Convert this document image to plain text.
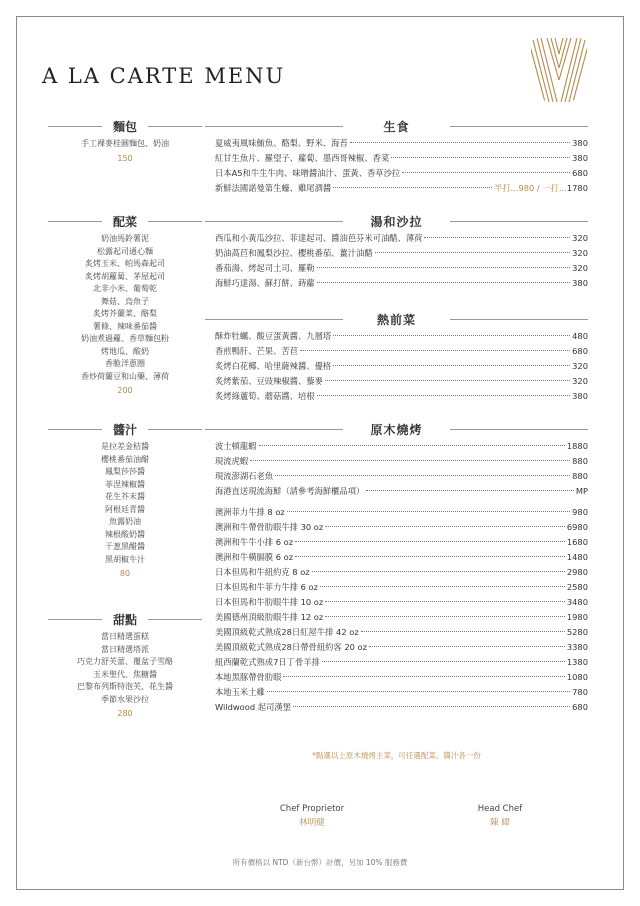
A LA CARTE MENU
麵包
手工裸麥桂圓麵包、奶油
150
配菜
奶油馬鈴薯泥
松露起司通心麵
炙烤玉米、帕馬森起司
炙烤胡蘿蔔、茅屋起司
北非小米、葡萄乾
舞菇、烏魚子
炙烤芥蘭菜、酪梨
薯條、辣味番茄醬
奶油煮過蘿、香草麵包粉
烤地瓜、酸奶
香脆洋蔥圈
香炒荷蘭豆和山藥、薄荷
200
醬汁
是拉差金桔醬
櫻桃番茄油醋
鳳梨莎莎醬
菲涅辣椒醬
花生芥末醬
阿根廷青醬
魚露奶油
辣根酸奶醬
干葱黑醋醬
黑胡椒牛汁
80
甜點
當日精選蛋糕
當日精選塔派
巧克力舒芙蕾、覆盆子雪酪
玉米聖代、焦糖醬
巴黎布列斯特泡芙、花生醬
季節水果沙拉
280
生食
夏威夷風味鮪魚、酪梨、野米、海苔	380
紅甘生魚片、羅望子、蘿蔔、墨西哥辣椒、香菜	380
日本A5和牛生牛肉、味噌醬油汁、蛋黃、香草沙拉	680
新鮮法國諾曼第生蠔、雞尾酒醬	半打...980 / 一打...1780
湯和沙拉
西瓜和小黃瓜沙拉、菲達起司、醬油芭芬米可油醋、薄荷	320
奶油萵苣和鳳梨沙拉、櫻桃番茄、薑汁油醋	320
番茄湯、烤起司土司、羅勒	320
海鮮巧達湯、蘇打餅、蒔蘿	380
熱前菜
酥炸牡蠣、酸豆蛋黃醬、九層塔	480
香煎鴨肝、芒果、苦苣	680
炙烤白花椰、哈里薩辣醬、優格	320
炙烤紫茄、豆豉辣椒醬、藜麥	320
炙烤綠蘆筍、蘑菇醬、培根	380
原木燒烤
波士頓龍蝦	1880
現流虎蝦	880
現流澎湖石老魚	880
海港直送現流海鮮（請參考海鮮櫃品項）	MP
澳洲菲力牛排 8 oz	980
澳洲和牛帶骨肋眼牛排 30 oz	6980
澳洲和牛牛小排 6 oz	1680
澳洲和牛橫膈膜 6 oz	1480
日本但馬和牛紐約克 8 oz	2980
日本但馬和牛菲力牛排 6 oz	2580
日本但馬和牛肋眼牛排 10 oz	3480
美國德州頂級肋眼牛排 12 oz	1980
美國頂級乾式熟成28日紅屋牛排 42 oz	5280
美國頂級乾式熟成28日帶骨紐約客 20 oz	3380
紐西蘭乾式熟成7日丁骨羊排	1380
本地黑豚帶骨肋眼	1080
本地玉米土雞	780
Wildwood 起司漢堡	680
*點選以上原木燒烤主菜，可任選配菜、醬汁各一份
Chef Proprietor
林明健
Head Chef
陳 暐
所有價格以 NTD（新台幣）計價，另加 10% 服務費
